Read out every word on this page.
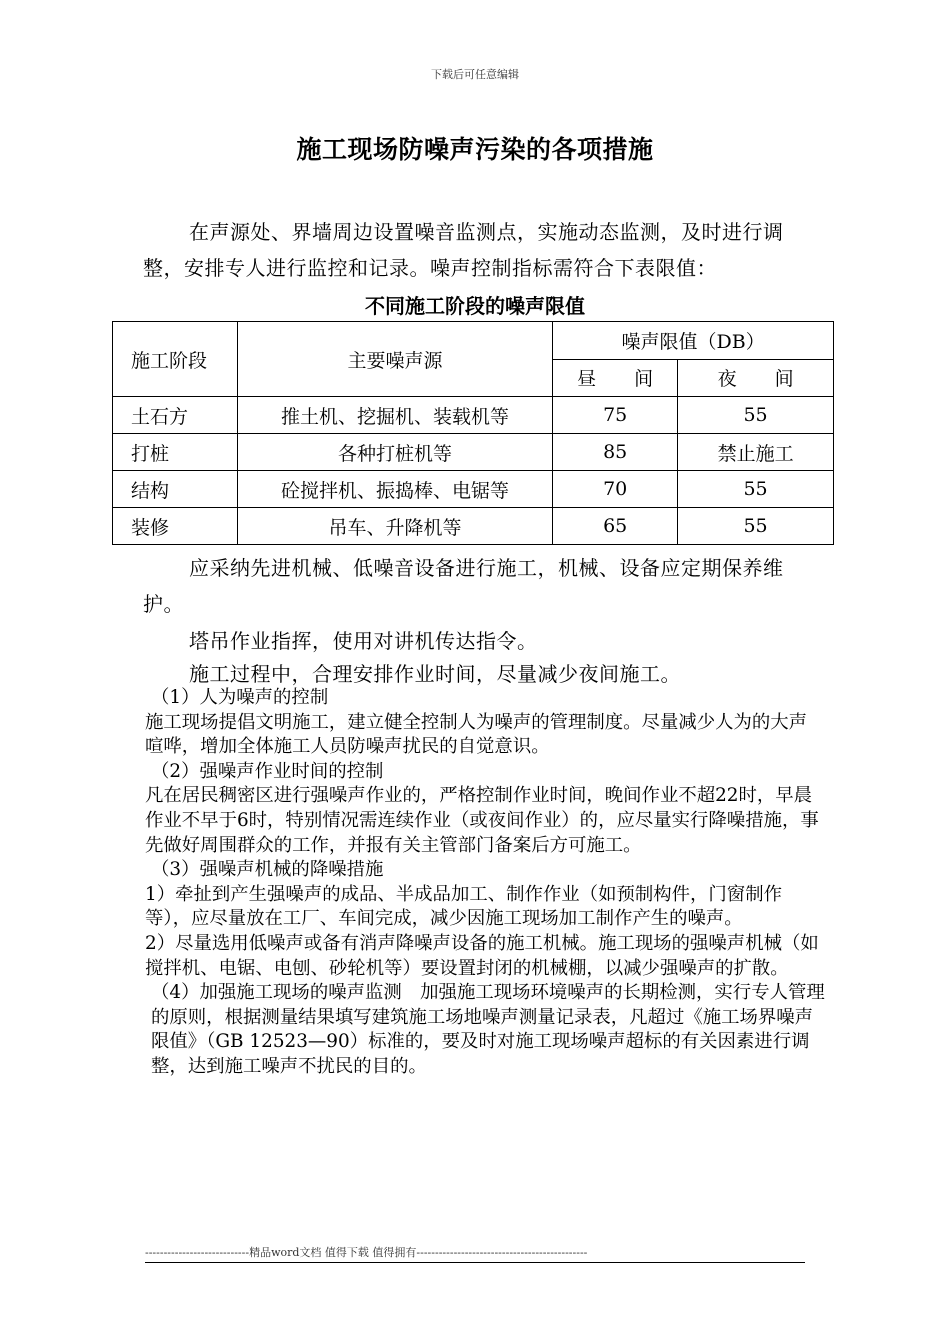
下载后可任意编辑
施工现场防噪声污染的各项措施
在声源处、界墙周边设置噪音监测点，实施动态监测，及时进行调整，安排专人进行监控和记录。噪声控制指标需符合下表限值：
不同施工阶段的噪声限值
施工阶段	主要噪声源	噪声限值（DB）	
		昼　　间	夜　　间
土石方	推土机、挖掘机、装载机等	75	55
打桩	各种打桩机等	85	禁止施工
结构	砼搅拌机、振捣棒、电锯等	70	55
装修	吊车、升降机等	65	55
应采纳先进机械、低噪音设备进行施工，机械、设备应定期保养维护。
塔吊作业指挥，使用对讲机传达指令。
施工过程中，合理安排作业时间，尽量减少夜间施工。

（1）人为噪声的控制

施工现场提倡文明施工，建立健全控制人为噪声的管理制度。尽量减少人为的大声喧哗，增加全体施工人员防噪声扰民的自觉意识。

（2）强噪声作业时间的控制

凡在居民稠密区进行强噪声作业的，严格控制作业时间，晚间作业不超22时，早晨作业不早于6时，特别情况需连续作业（或夜间作业）的，应尽量实行降噪措施，事先做好周围群众的工作，并报有关主管部门备案后方可施工。

（3）强噪声机械的降噪措施

1）牵扯到产生强噪声的成品、半成品加工、制作作业（如预制构件，门窗制作等），应尽量放在工厂、车间完成，减少因施工现场加工制作产生的噪声。

2）尽量选用低噪声或备有消声降噪声设备的施工机械。施工现场的强噪声机械（如搅拌机、电锯、电刨、砂轮机等）要设置封闭的机械棚，以减少强噪声的扩散。

（4）加强施工现场的噪声监测　加强施工现场环境噪声的长期检测，实行专人管理的原则，根据测量结果填写建筑施工场地噪声测量记录表，凡超过《施工场界噪声限值》（GB 12523—90）标准的，要及时对施工现场噪声超标的有关因素进行调整，达到施工噪声不扰民的目的。

----------------------------精品word文档 值得下载 值得拥有----------------------------------------------
